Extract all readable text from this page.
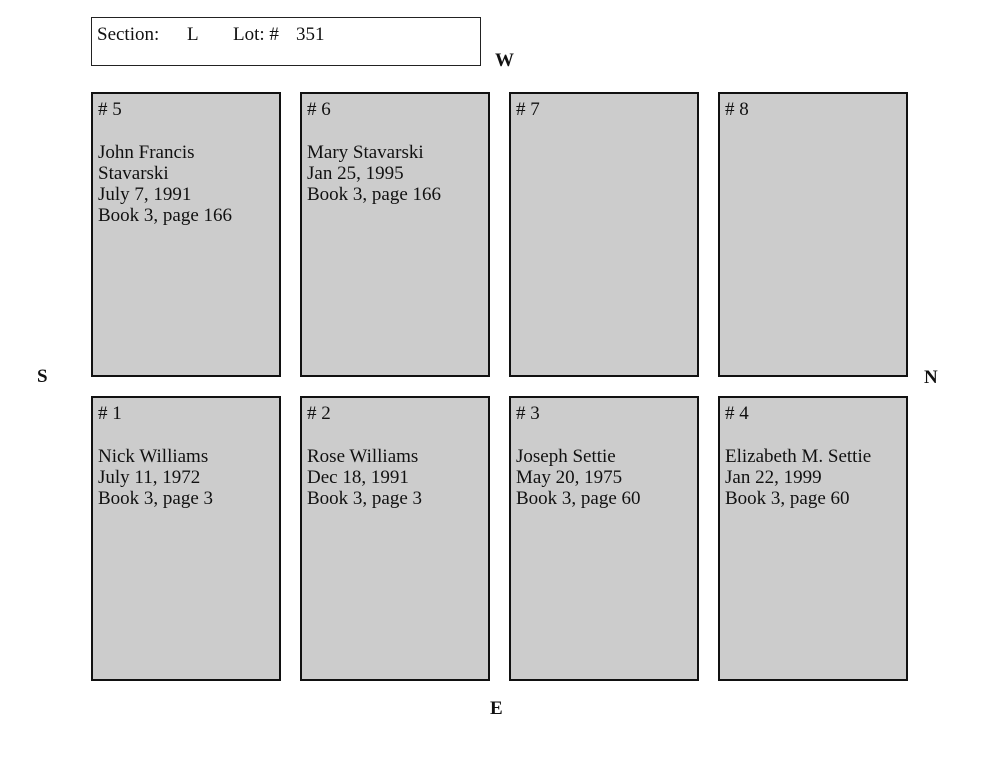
Section: L Lot: # 351
W
E
S	N
# 5
John Francis
Stavarski
July 7, 1991
Book 3, page 166
# 6
Mary Stavarski
Jan 25, 1995
Book 3, page 166
# 7	# 8
# 1
Nick Williams
July 11, 1972
Book 3, page 3
# 2
Rose Williams
Dec 18, 1991
Book 3, page 3
# 3
Joseph Settie
May 20, 1975
Book 3, page 60
# 4
Elizabeth M. Settie
Jan 22, 1999
Book 3, page 60
